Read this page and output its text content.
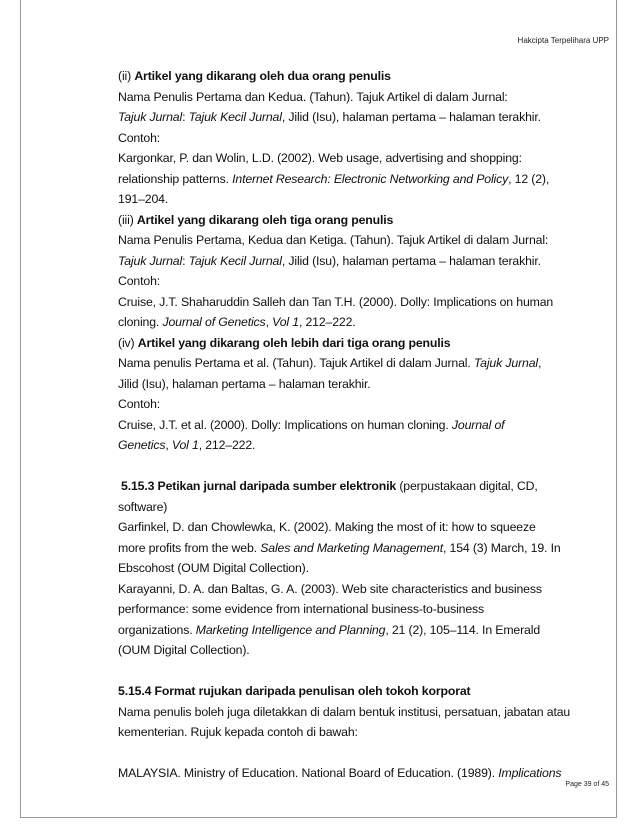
Hakcipta Terpelihara UPP
(ii) Artikel yang dikarang oleh dua orang penulis
Nama Penulis Pertama dan Kedua. (Tahun). Tajuk Artikel di dalam Jurnal:
Tajuk Jurnal: Tajuk Kecil Jurnal, Jilid (Isu), halaman pertama – halaman terakhir.
Contoh:
Kargonkar, P. dan Wolin, L.D. (2002). Web usage, advertising and shopping:
relationship patterns. Internet Research: Electronic Networking and Policy, 12 (2),
191–204.
(iii) Artikel yang dikarang oleh tiga orang penulis
Nama Penulis Pertama, Kedua dan Ketiga. (Tahun). Tajuk Artikel di dalam Jurnal:
Tajuk Jurnal: Tajuk Kecil Jurnal, Jilid (Isu), halaman pertama – halaman terakhir.
Contoh:
Cruise, J.T. Shaharuddin Salleh dan Tan T.H. (2000). Dolly: Implications on human
cloning. Journal of Genetics, Vol 1, 212–222.
(iv) Artikel yang dikarang oleh lebih dari tiga orang penulis
Nama penulis Pertama et al. (Tahun). Tajuk Artikel di dalam Jurnal. Tajuk Jurnal,
Jilid (Isu), halaman pertama – halaman terakhir.
Contoh:
Cruise, J.T. et al. (2000). Dolly: Implications on human cloning. Journal of
Genetics, Vol 1, 212–222.
5.15.3 Petikan jurnal daripada sumber elektronik (perpustakaan digital, CD,
software)
Garfinkel, D. dan Chowlewka, K. (2002). Making the most of it: how to squeeze
more profits from the web. Sales and Marketing Management, 154 (3) March, 19. In
Ebscohost (OUM Digital Collection).
Karayanni, D. A. dan Baltas, G. A. (2003). Web site characteristics and business
performance: some evidence from international business-to-business
organizations. Marketing Intelligence and Planning, 21 (2), 105–114. In Emerald
(OUM Digital Collection).
5.15.4 Format rujukan daripada penulisan oleh tokoh korporat
Nama penulis boleh juga diletakkan di dalam bentuk institusi, persatuan, jabatan atau
kementerian. Rujuk kepada contoh di bawah:
MALAYSIA. Ministry of Education. National Board of Education. (1989). Implications
Page 39 of 45
